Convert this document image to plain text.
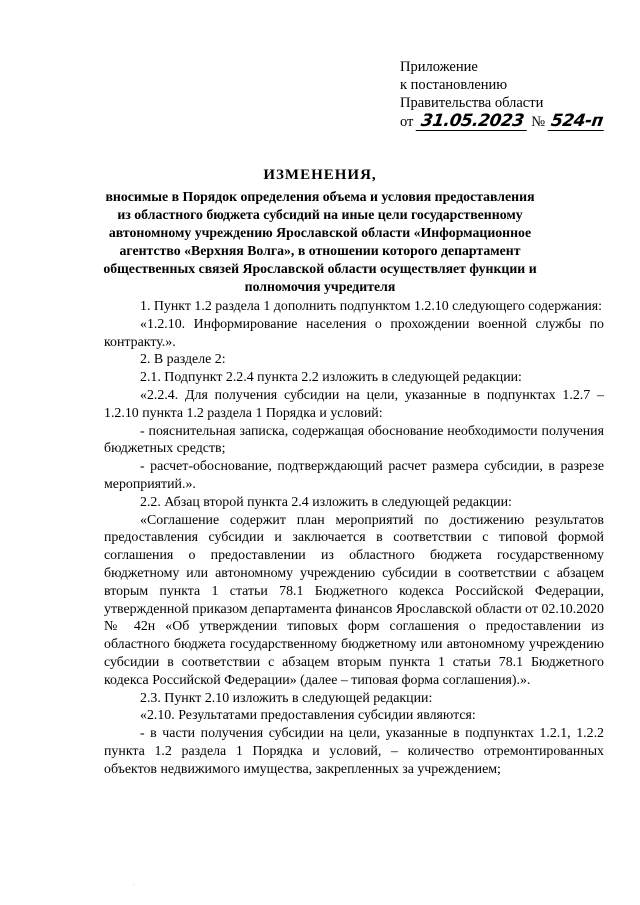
Приложение
к постановлению
Правительства области
от 31.05.2023 № 524-п
ИЗМЕНЕНИЯ,
вносимые в Порядок определения объема и условия предоставления из областного бюджета субсидий на иные цели государственному автономному учреждению Ярославской области «Информационное агентство «Верхняя Волга», в отношении которого департамент общественных связей Ярославской области осуществляет функции и полномочия учредителя

1. Пункт 1.2 раздела 1 дополнить подпунктом 1.2.10 следующего содержания:

«1.2.10. Информирование населения о прохождении военной службы по контракту.».

2. В разделе 2:

2.1. Подпункт 2.2.4 пункта 2.2 изложить в следующей редакции:

«2.2.4. Для получения субсидии на цели, указанные в подпунктах 1.2.7 – 1.2.10 пункта 1.2 раздела 1 Порядка и условий:

- пояснительная записка, содержащая обоснование необходимости получения бюджетных средств;

- расчет-обоснование, подтверждающий расчет размера субсидии, в разрезе мероприятий.».

2.2. Абзац второй пункта 2.4 изложить в следующей редакции:

«Соглашение содержит план мероприятий по достижению результатов предоставления субсидии и заключается в соответствии с типовой формой соглашения о предоставлении из областного бюджета государственному бюджетному или автономному учреждению субсидии в соответствии с абзацем вторым пункта 1 статьи 78.1 Бюджетного кодекса Российской Федерации, утвержденной приказом департамента финансов Ярославской области от 02.10.2020 № 42н «Об утверждении типовых форм соглашения о предоставлении из областного бюджета государственному бюджетному или автономному учреждению субсидии в соответствии с абзацем вторым пункта 1 статьи 78.1 Бюджетного кодекса Российской Федерации» (далее – типовая форма соглашения).».

2.3. Пункт 2.10 изложить в следующей редакции:

«2.10. Результатами предоставления субсидии являются:

- в части получения субсидии на цели, указанные в подпунктах 1.2.1, 1.2.2 пункта 1.2 раздела 1 Порядка и условий, – количество отремонтированных объектов недвижимого имущества, закрепленных за учреждением;

·
